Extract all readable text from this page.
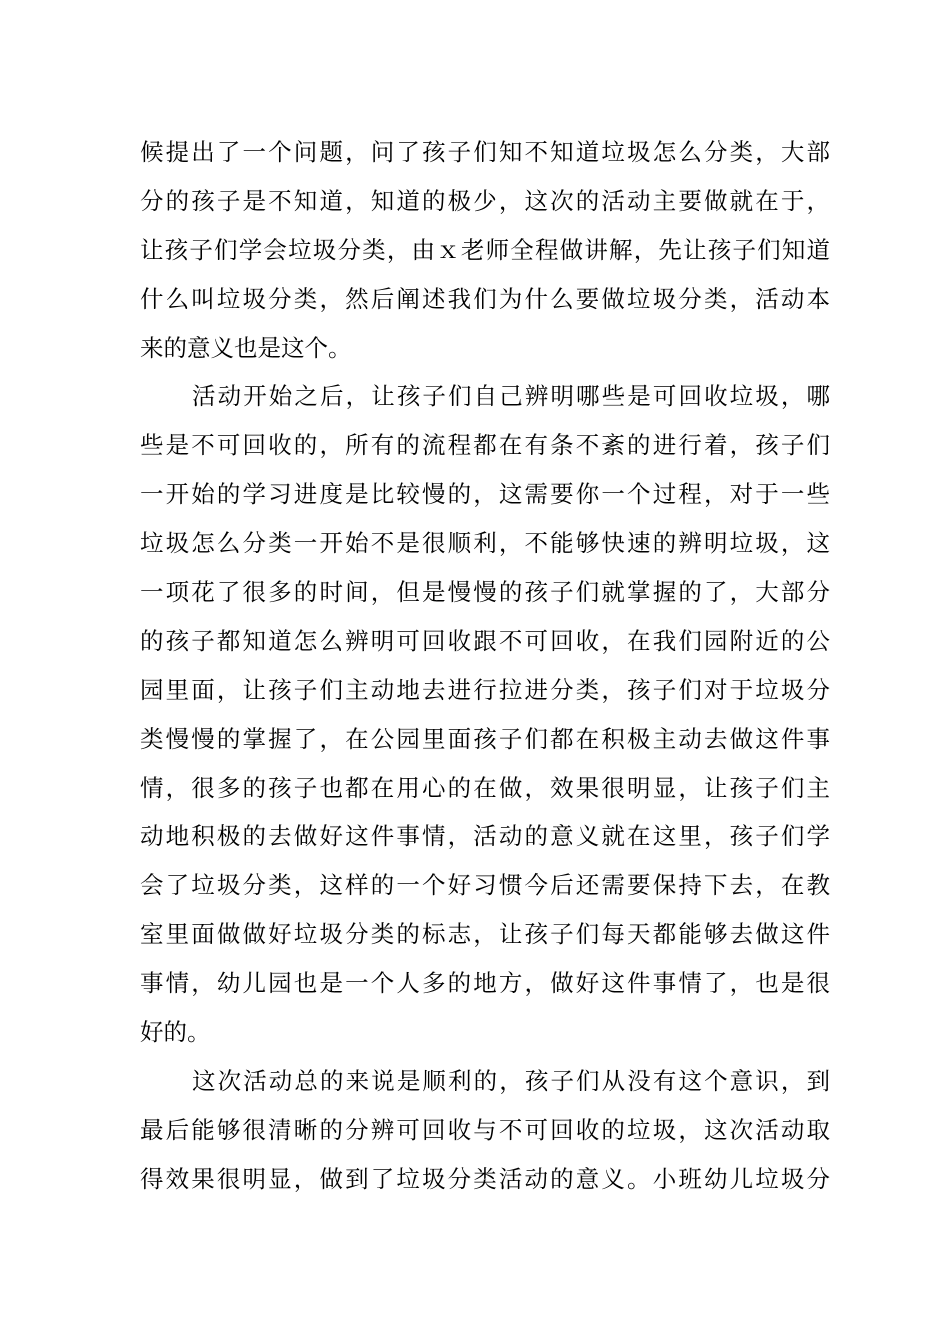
候提出了一个问题，问了孩子们知不知道垃圾怎么分类，大部
分的孩子是不知道，知道的极少，这次的活动主要做就在于，
让孩子们学会垃圾分类，由ｘ老师全程做讲解，先让孩子们知道
什么叫垃圾分类，然后阐述我们为什么要做垃圾分类，活动本
来的意义也是这个。
活动开始之后，让孩子们自己辨明哪些是可回收垃圾，哪
些是不可回收的，所有的流程都在有条不紊的进行着，孩子们
一开始的学习进度是比较慢的，这需要你一个过程，对于一些
垃圾怎么分类一开始不是很顺利，不能够快速的辨明垃圾，这
一项花了很多的时间，但是慢慢的孩子们就掌握的了，大部分
的孩子都知道怎么辨明可回收跟不可回收，在我们园附近的公
园里面，让孩子们主动地去进行拉进分类，孩子们对于垃圾分
类慢慢的掌握了，在公园里面孩子们都在积极主动去做这件事
情，很多的孩子也都在用心的在做，效果很明显，让孩子们主
动地积极的去做好这件事情，活动的意义就在这里，孩子们学
会了垃圾分类，这样的一个好习惯今后还需要保持下去，在教
室里面做做好垃圾分类的标志，让孩子们每天都能够去做这件
事情，幼儿园也是一个人多的地方，做好这件事情了，也是很
好的。
这次活动总的来说是顺利的，孩子们从没有这个意识，到
最后能够很清晰的分辨可回收与不可回收的垃圾，这次活动取
得效果很明显，做到了垃圾分类活动的意义。小班幼儿垃圾分
